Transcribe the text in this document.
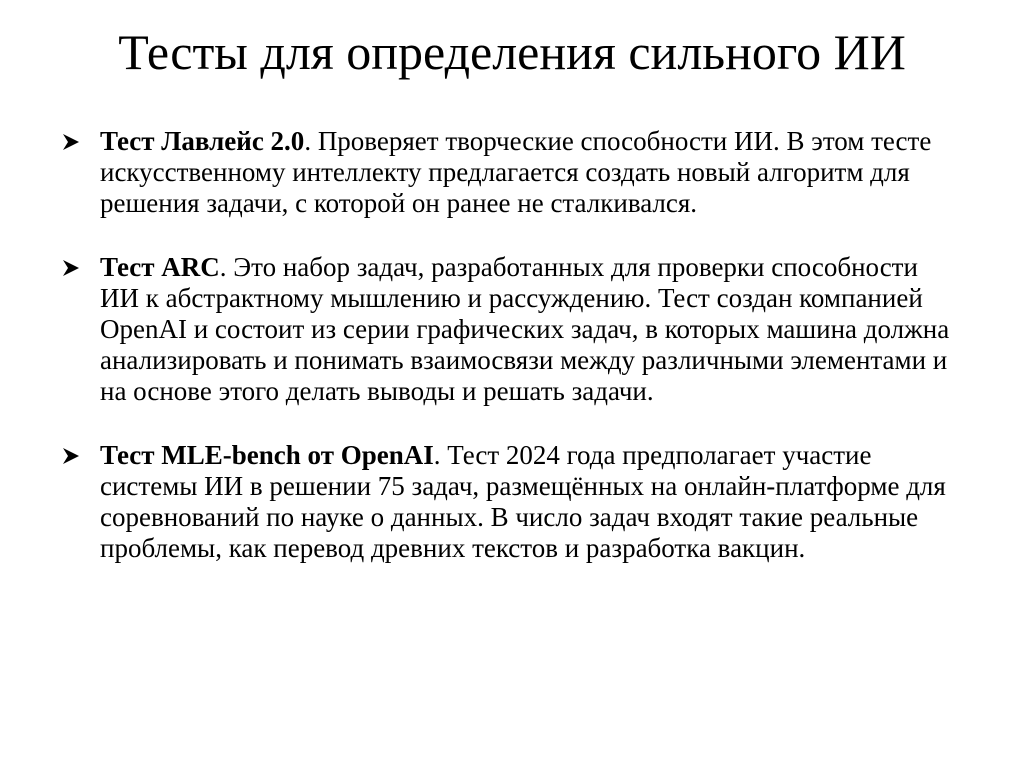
Тесты для определения сильного ИИ
Тест Лавлейс 2.0. Проверяет творческие способности ИИ. В этом тесте искусственному интеллекту предлагается создать новый алгоритм для решения задачи, с которой он ранее не сталкивался.
Тест ARC. Это набор задач, разработанных для проверки способности ИИ к абстрактному мышлению и рассуждению. Тест создан компанией OpenAI и состоит из серии графических задач, в которых машина должна анализировать и понимать взаимосвязи между различными элементами и на основе этого делать выводы и решать задачи.
Тест MLE-bench от OpenAI. Тест 2024 года предполагает участие системы ИИ в решении 75 задач, размещённых на онлайн-платформе для соревнований по науке о данных. В число задач входят такие реальные проблемы, как перевод древних текстов и разработка вакцин.
